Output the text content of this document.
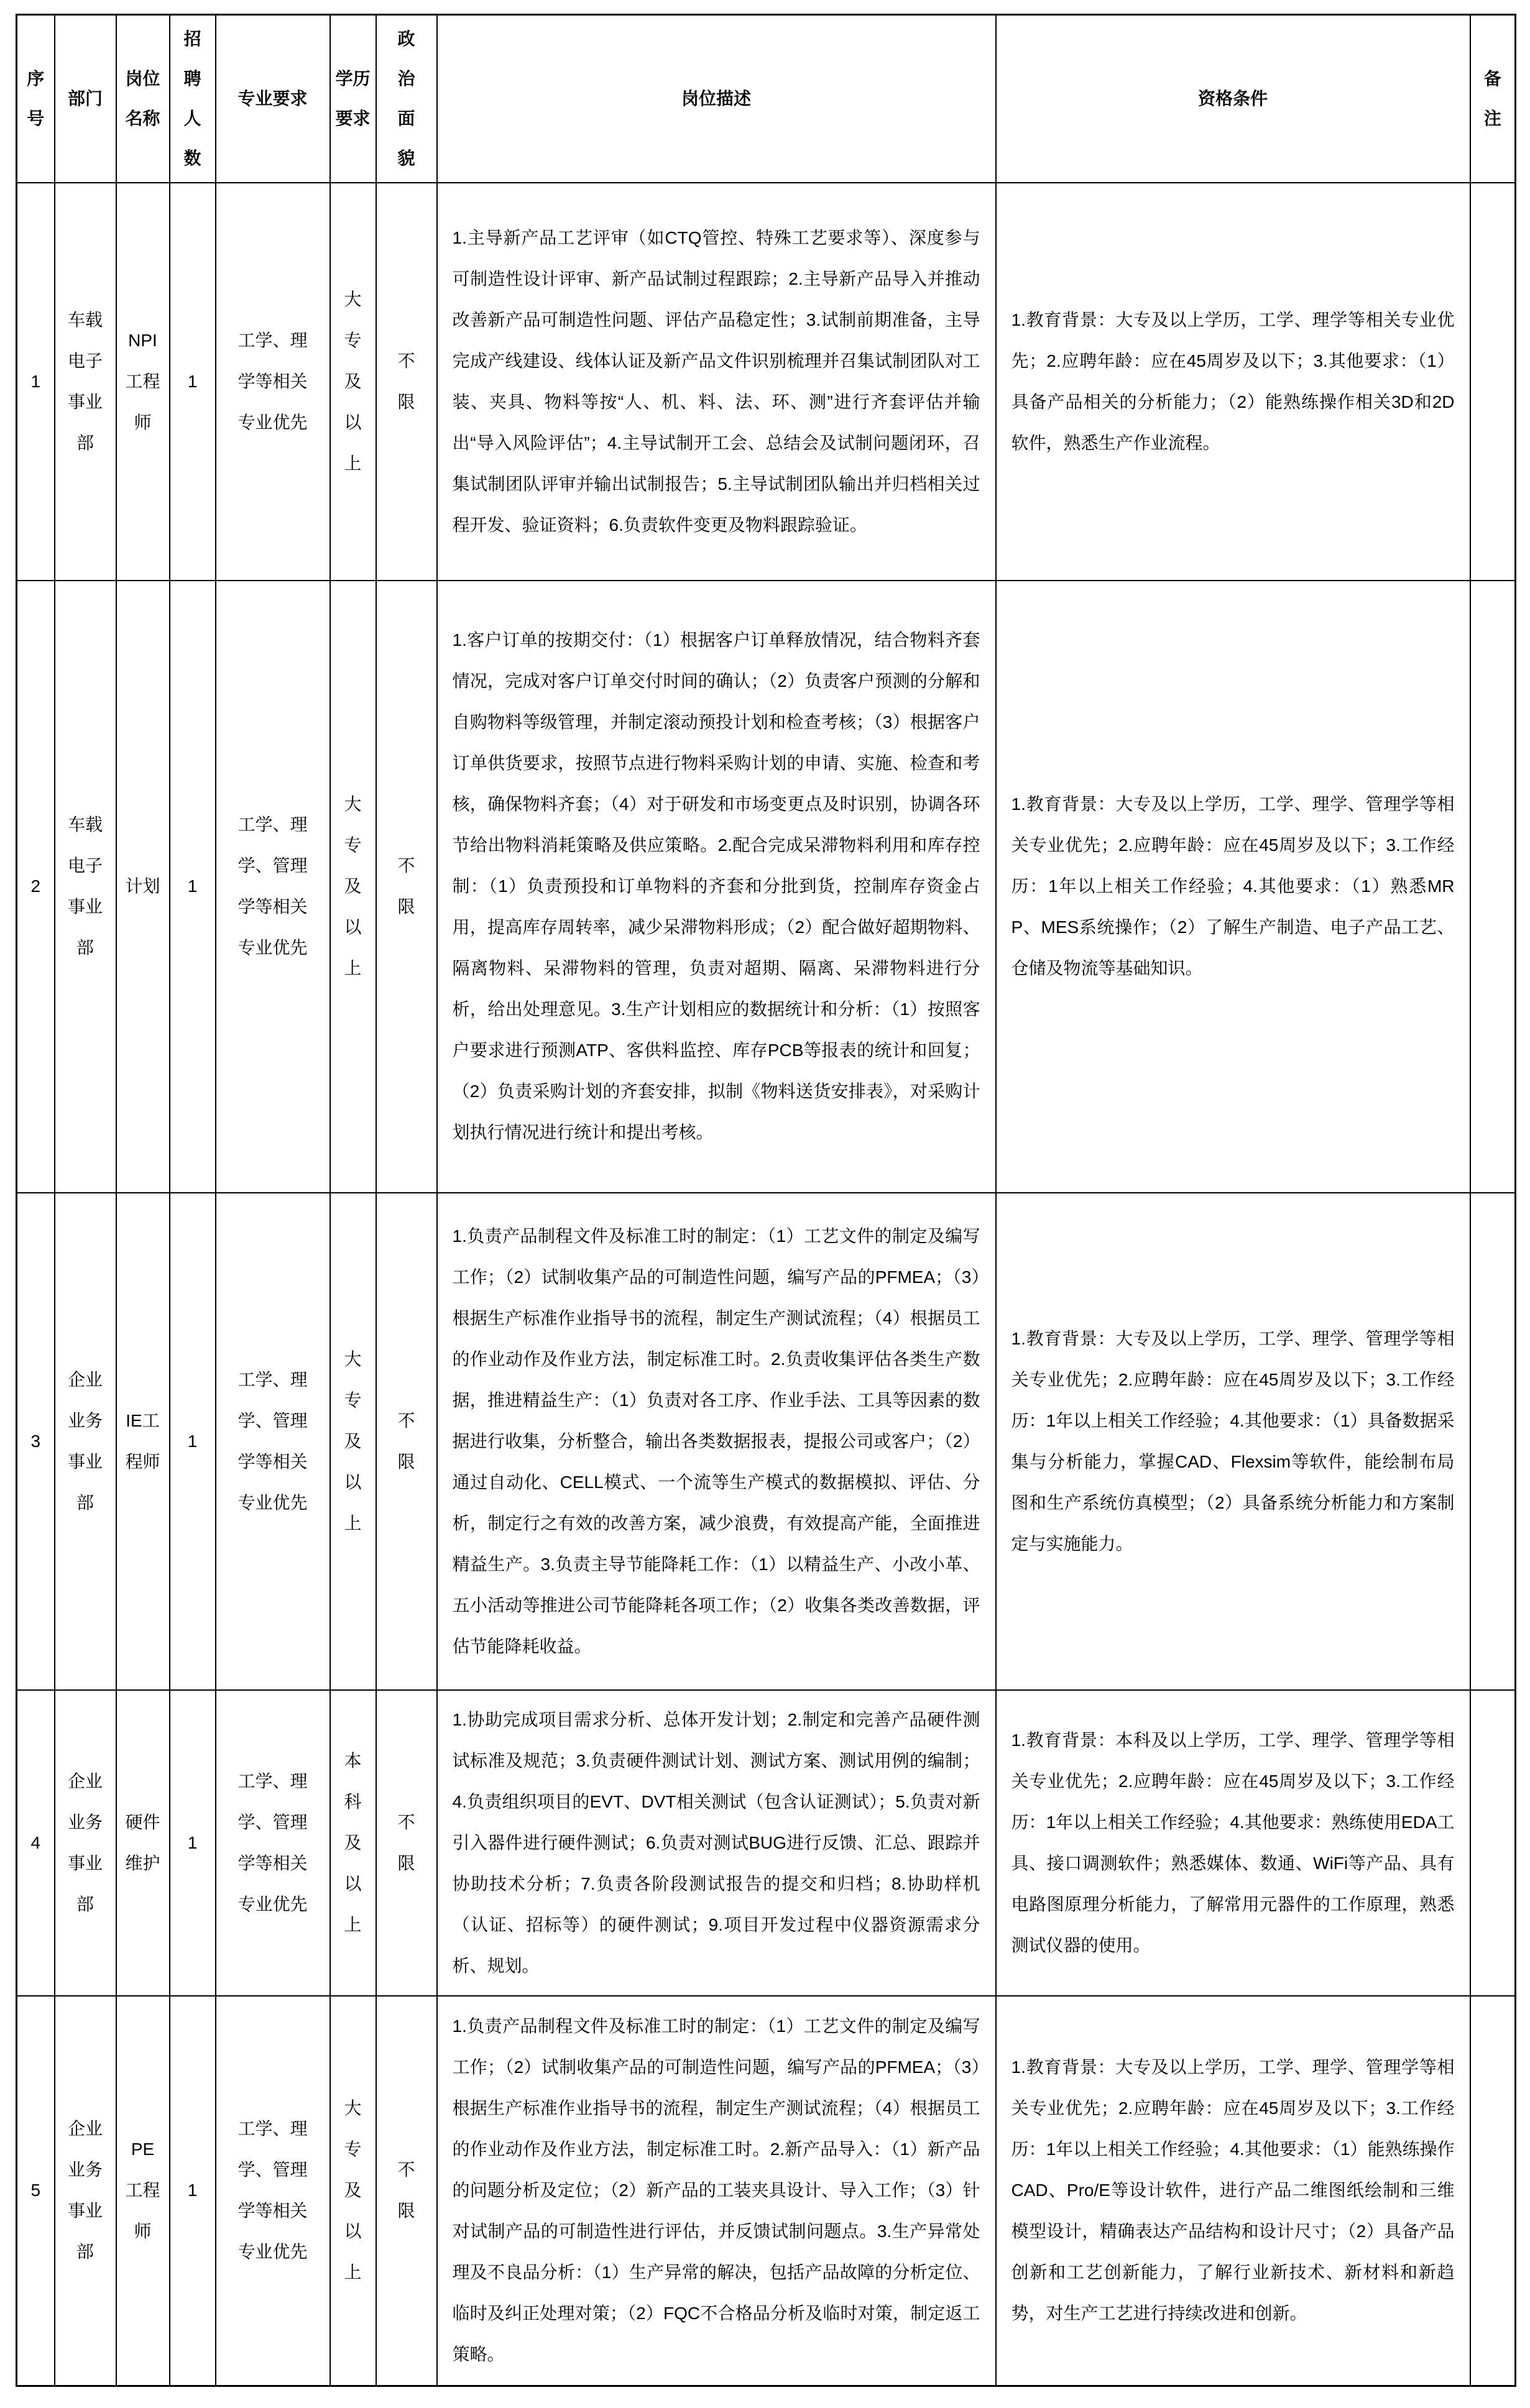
序号	部门	岗位名称	招聘人数	专业要求	学历要求	政治面貌	岗位描述	资格条件	备注
1	车载电子事业部	NPI工程师	1	工学、理学等相关专业优先	大专及以上	不限	1.主导新产品工艺评审（如CTQ管控、特殊工艺要求等）、深度参与可制造性设计评审、新产品试制过程跟踪；2.主导新产品导入并推动改善新产品可制造性问题、评估产品稳定性；3.试制前期准备，主导完成产线建设、线体认证及新产品文件识别梳理并召集试制团队对工装、夹具、物料等按“人、机、料、法、环、测”进行齐套评估并输出“导入风险评估”；4.主导试制开工会、总结会及试制问题闭环，召集试制团队评审并输出试制报告；5.主导试制团队输出并归档相关过程开发、验证资料；6.负责软件变更及物料跟踪验证。	1.教育背景：大专及以上学历，工学、理学等相关专业优先；2.应聘年龄：应在45周岁及以下；3.其他要求：（1）具备产品相关的分析能力；（2）能熟练操作相关3D和2D软件，熟悉生产作业流程。	
2	车载电子事业部	计划	1	工学、理学、管理学等相关专业优先	大专及以上	不限	1.客户订单的按期交付：（1）根据客户订单释放情况，结合物料齐套情况，完成对客户订单交付时间的确认；（2）负责客户预测的分解和自购物料等级管理，并制定滚动预投计划和检查考核；（3）根据客户订单供货要求，按照节点进行物料采购计划的申请、实施、检查和考核，确保物料齐套；（4）对于研发和市场变更点及时识别，协调各环节给出物料消耗策略及供应策略。2.配合完成呆滞物料利用和库存控制：（1）负责预投和订单物料的齐套和分批到货，控制库存资金占用，提高库存周转率，减少呆滞物料形成；（2）配合做好超期物料、隔离物料、呆滞物料的管理，负责对超期、隔离、呆滞物料进行分析，给出处理意见。3.生产计划相应的数据统计和分析：（1）按照客户要求进行预测ATP、客供料监控、库存PCB等报表的统计和回复；（2）负责采购计划的齐套安排，拟制《物料送货安排表》，对采购计划执行情况进行统计和提出考核。	1.教育背景：大专及以上学历，工学、理学、管理学等相关专业优先；2.应聘年龄：应在45周岁及以下；3.工作经历：1年以上相关工作经验；4.其他要求：（1）熟悉MRP、MES系统操作；（2）了解生产制造、电子产品工艺、仓储及物流等基础知识。	
3	企业业务事业部	IE工程师	1	工学、理学、管理学等相关专业优先	大专及以上	不限	1.负责产品制程文件及标准工时的制定：（1）工艺文件的制定及编写工作；（2）试制收集产品的可制造性问题，编写产品的PFMEA；（3）根据生产标准作业指导书的流程，制定生产测试流程；（4）根据员工的作业动作及作业方法，制定标准工时。2.负责收集评估各类生产数据，推进精益生产：（1）负责对各工序、作业手法、工具等因素的数据进行收集，分析整合，输出各类数据报表，提报公司或客户；（2）通过自动化、CELL模式、一个流等生产模式的数据模拟、评估、分析，制定行之有效的改善方案，减少浪费，有效提高产能，全面推进精益生产。3.负责主导节能降耗工作：（1）以精益生产、小改小革、五小活动等推进公司节能降耗各项工作；（2）收集各类改善数据，评估节能降耗收益。	1.教育背景：大专及以上学历，工学、理学、管理学等相关专业优先；2.应聘年龄：应在45周岁及以下；3.工作经历：1年以上相关工作经验；4.其他要求：（1）具备数据采集与分析能力，掌握CAD、Flexsim等软件，能绘制布局图和生产系统仿真模型；（2）具备系统分析能力和方案制定与实施能力。	
4	企业业务事业部	硬件维护	1	工学、理学、管理学等相关专业优先	本科及以上	不限	1.协助完成项目需求分析、总体开发计划；2.制定和完善产品硬件测试标准及规范；3.负责硬件测试计划、测试方案、测试用例的编制；4.负责组织项目的EVT、DVT相关测试（包含认证测试）；5.负责对新引入器件进行硬件测试；6.负责对测试BUG进行反馈、汇总、跟踪并协助技术分析；7.负责各阶段测试报告的提交和归档；8.协助样机（认证、招标等）的硬件测试；9.项目开发过程中仪器资源需求分析、规划。	1.教育背景：本科及以上学历，工学、理学、管理学等相关专业优先；2.应聘年龄：应在45周岁及以下；3.工作经历：1年以上相关工作经验；4.其他要求：熟练使用EDA工具、接口调测软件；熟悉媒体、数通、WiFi等产品、具有电路图原理分析能力，了解常用元器件的工作原理，熟悉测试仪器的使用。	
5	企业业务事业部	PE工程师	1	工学、理学、管理学等相关专业优先	大专及以上	不限	1.负责产品制程文件及标准工时的制定：（1）工艺文件的制定及编写工作；（2）试制收集产品的可制造性问题，编写产品的PFMEA；（3）根据生产标准作业指导书的流程，制定生产测试流程；（4）根据员工的作业动作及作业方法，制定标准工时。2.新产品导入：（1）新产品的问题分析及定位；（2）新产品的工装夹具设计、导入工作；（3）针对试制产品的可制造性进行评估，并反馈试制问题点。3.生产异常处理及不良品分析：（1）生产异常的解决，包括产品故障的分析定位、临时及纠正处理对策；（2）FQC不合格品分析及临时对策，制定返工策略。	1.教育背景：大专及以上学历，工学、理学、管理学等相关专业优先；2.应聘年龄：应在45周岁及以下；3.工作经历：1年以上相关工作经验；4.其他要求：（1）能熟练操作CAD、Pro/E等设计软件，进行产品二维图纸绘制和三维模型设计，精确表达产品结构和设计尺寸；（2）具备产品创新和工艺创新能力，了解行业新技术、新材料和新趋势，对生产工艺进行持续改进和创新。	
